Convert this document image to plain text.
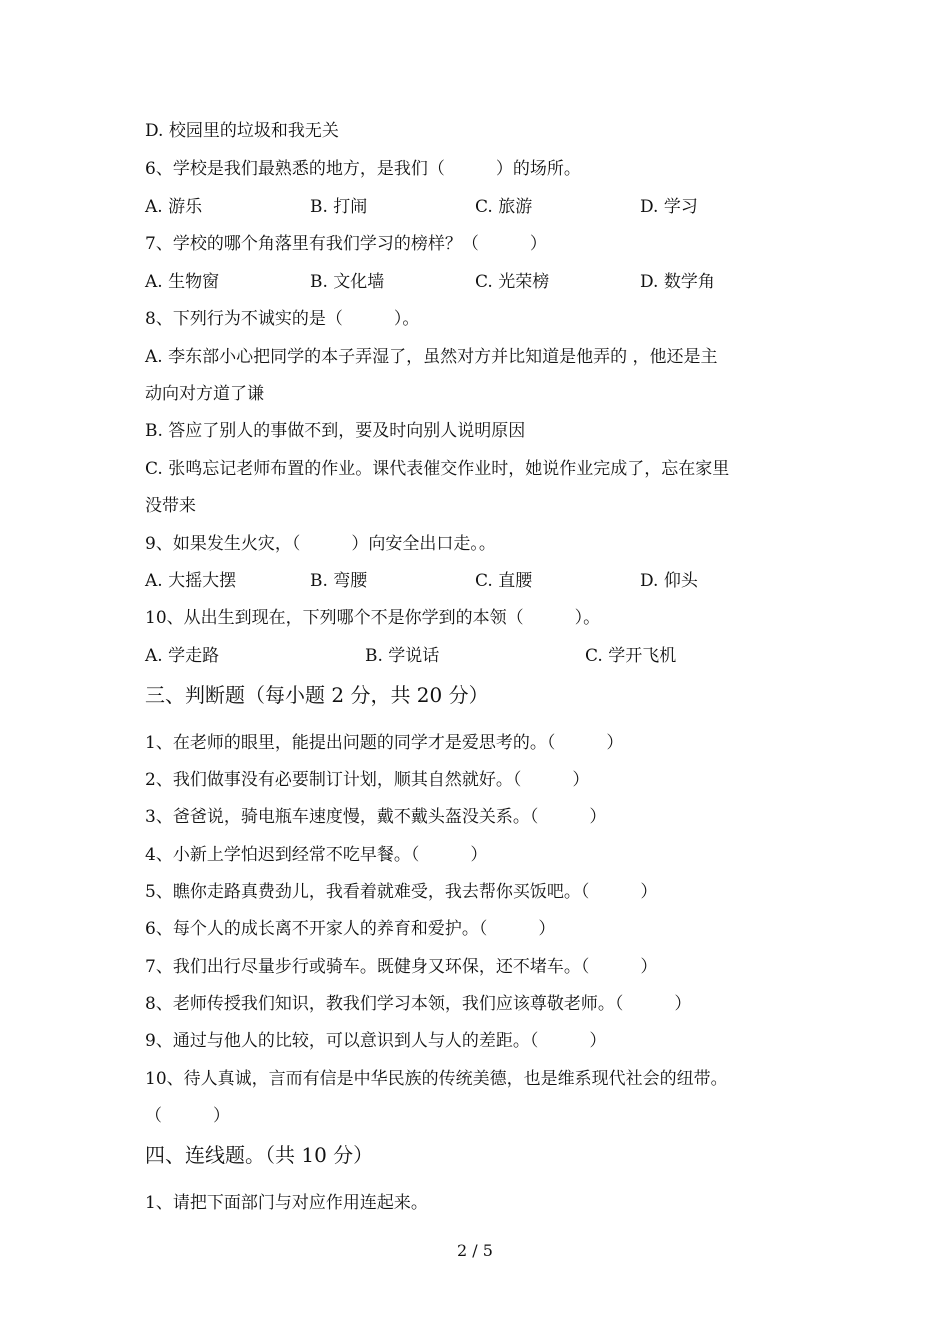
D. 校园里的垃圾和我无关
6、学校是我们最熟悉的地方，是我们（　　　）的场所。
A. 游乐	B. 打闹	C. 旅游	D. 学习
7、学校的哪个角落里有我们学习的榜样？（　　　）
A. 生物窗	B. 文化墙	C. 光荣榜	D. 数学角
8、下列行为不诚实的是（　　　）。
A. 李东部小心把同学的本子弄湿了，虽然对方并比知道是他弄的 ，他还是主
动向对方道了谦
B. 答应了别人的事做不到，要及时向别人说明原因
C. 张鸣忘记老师布置的作业。课代表催交作业时，她说作业完成了，忘在家里
没带来
9、如果发生火灾，（　　　）向安全出口走。。
A. 大摇大摆	B. 弯腰	C. 直腰	D. 仰头
10、从出生到现在，下列哪个不是你学到的本领（　　　）。
A. 学走路	B. 学说话	C. 学开飞机
三、判断题（每小题 2 分，共 20 分）
1、在老师的眼里，能提出问题的同学才是爱思考的。（　　　）
2、我们做事没有必要制订计划，顺其自然就好。（　　　）
3、爸爸说，骑电瓶车速度慢，戴不戴头盔没关系。（　　　）
4、小新上学怕迟到经常不吃早餐。（　　　）
5、瞧你走路真费劲儿，我看着就难受，我去帮你买饭吧。（　　　）
6、每个人的成长离不开家人的养育和爱护。（　　　）
7、我们出行尽量步行或骑车。既健身又环保，还不堵车。（　　　）
8、老师传授我们知识，教我们学习本领，我们应该尊敬老师。（　　　）
9、通过与他人的比较，可以意识到人与人的差距。（　　　）
10、待人真诚，言而有信是中华民族的传统美德，也是维系现代社会的纽带。
（　　　）
四、连线题。（共 10 分）
1、请把下面部门与对应作用连起来。
2 / 5
